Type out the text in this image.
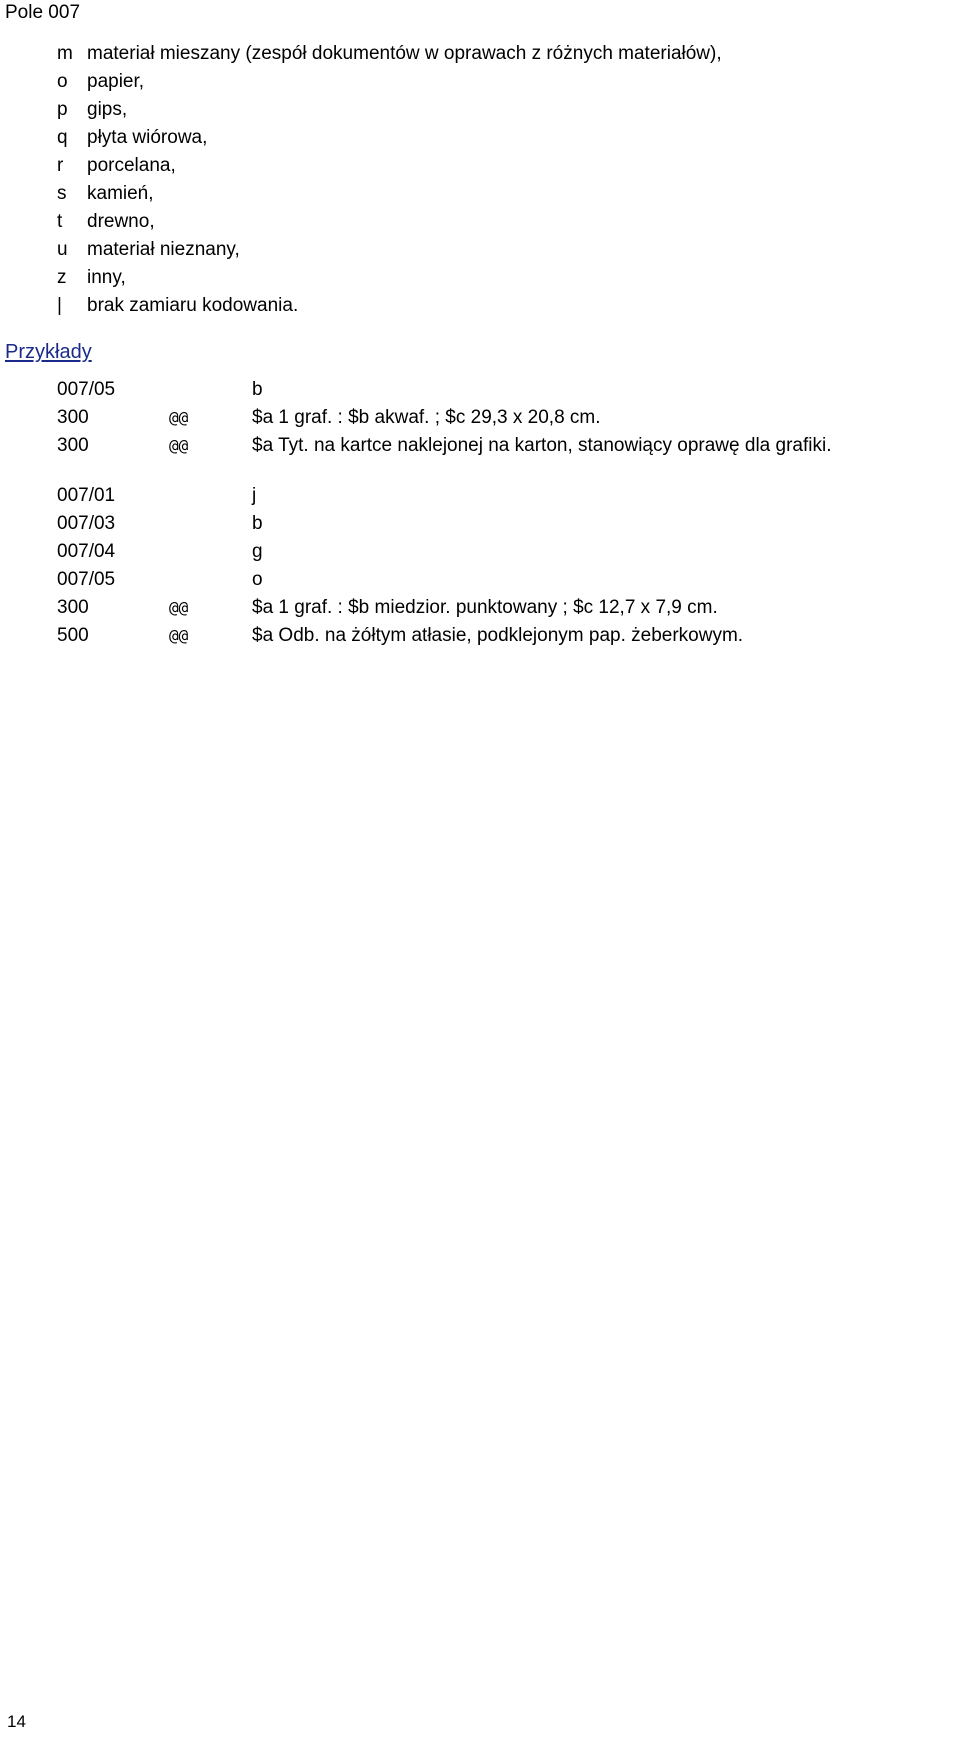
Pole 007
m materiał mieszany (zespół dokumentów w oprawach z różnych materiałów),
o papier,
p gips,
q płyta wiórowa,
r porcelana,
s kamień,
t drewno,
u materiał nieznany,
z inny,
| brak zamiaru kodowania.
Przykłady
007/05	b
300	@@	$a 1 graf. : $b akwaf. ; $c 29,3 x 20,8 cm.
300	@@	$a Tyt. na kartce naklejonej na karton, stanowiący oprawę dla grafiki.
007/01	j
007/03	b
007/04	g
007/05	o
300	@@	$a 1 graf. : $b miedzior. punktowany ; $c 12,7 x 7,9 cm.
500	@@	$a Odb. na żółtym atłasie, podklejonym pap. żeberkowym.
14
